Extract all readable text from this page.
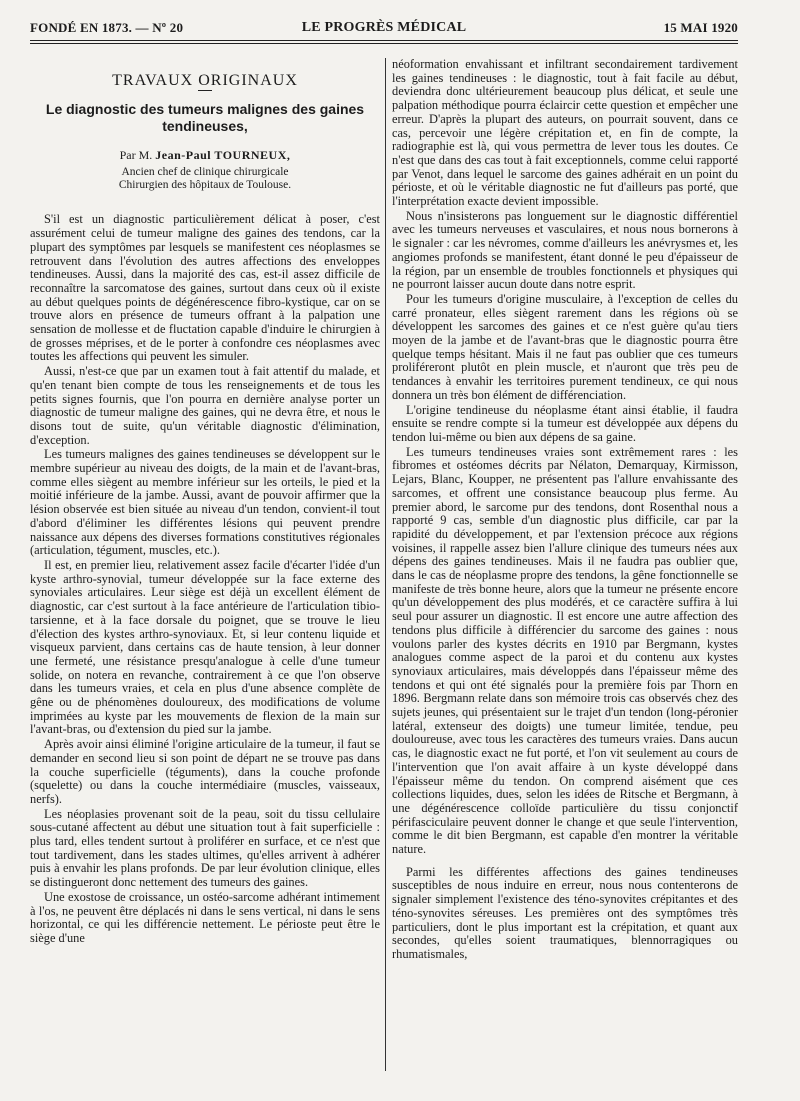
FONDÉ EN 1873. — Nº 20	LE PROGRÈS MÉDICAL	15 MAI 1920
TRAVAUX ORIGINAUX
Le diagnostic des tumeurs malignes des gaines tendineuses,
Par M. Jean-Paul TOURNEUX,
Ancien chef de clinique chirurgicale
Chirurgien des hôpitaux de Toulouse.

S'il est un diagnostic particulièrement délicat à poser, c'est assurément celui de tumeur maligne des gaines des tendons, car la plupart des symptômes par lesquels se manifestent ces néoplasmes se retrouvent dans l'évolution des autres affections des enveloppes tendineuses. Aussi, dans la majorité des cas, est-il assez difficile de reconnaître la sarcomatose des gaines, surtout dans ceux où il existe au début quelques points de dégénérescence fibro-kystique, car on se trouve alors en présence de tumeurs offrant à la palpation une sensation de mollesse et de fluctation capable d'induire le chirurgien à de grosses méprises, et de le porter à confondre ces néoplasmes avec toutes les affections qui peuvent les simuler.

Aussi, n'est-ce que par un examen tout à fait attentif du malade, et qu'en tenant bien compte de tous les renseignements et de tous les petits signes fournis, que l'on pourra en dernière analyse porter un diagnostic de tumeur maligne des gaines, qui ne devra être, et nous le disons tout de suite, qu'un véritable diagnostic d'élimination, d'exception.

Les tumeurs malignes des gaines tendineuses se développent sur le membre supérieur au niveau des doigts, de la main et de l'avant-bras, comme elles siègent au membre inférieur sur les orteils, le pied et la moitié inférieure de la jambe. Aussi, avant de pouvoir affirmer que la lésion observée est bien située au niveau d'un tendon, convient-il tout d'abord d'éliminer les différentes lésions qui peuvent prendre naissance aux dépens des diverses formations constitutives régionales (articulation, tégument, muscles, etc.).

Il est, en premier lieu, relativement assez facile d'écarter l'idée d'un kyste arthro-synovial, tumeur développée sur la face externe des synoviales articulaires. Leur siège est déjà un excellent élément de diagnostic, car c'est surtout à la face antérieure de l'articulation tibio-tarsienne, et à la face dorsale du poignet, que se trouve le lieu d'élection des kystes arthro-synoviaux. Et, si leur contenu liquide et visqueux parvient, dans certains cas de haute tension, à leur donner une fermeté, une résistance presqu'analogue à celle d'une tumeur solide, on notera en revanche, contrairement à ce que l'on observe dans les tumeurs vraies, et cela en plus d'une absence complète de gêne ou de phénomènes douloureux, des modifications de volume imprimées au kyste par les mouvements de flexion de la main sur l'avant-bras, ou d'extension du pied sur la jambe.

Après avoir ainsi éliminé l'origine articulaire de la tumeur, il faut se demander en second lieu si son point de départ ne se trouve pas dans la couche superficielle (téguments), dans la couche profonde (squelette) ou dans la couche intermédiaire (muscles, vaisseaux, nerfs).

Les néoplasies provenant soit de la peau, soit du tissu cellulaire sous-cutané affectent au début une situation tout à fait superficielle : plus tard, elles tendent surtout à proliférer en surface, et ce n'est que tout tardivement, dans les stades ultimes, qu'elles arrivent à adhérer puis à envahir les plans profonds. De par leur évolution clinique, elles se distingueront donc nettement des tumeurs des gaines.

Une exostose de croissance, un ostéo-sarcome adhérant intimement à l'os, ne peuvent être déplacés ni dans le sens vertical, ni dans le sens horizontal, ce qui les différencie nettement. Le périoste peut être le siège d'une

néoformation envahissant et infiltrant secondairement tardivement les gaines tendineuses : le diagnostic, tout à fait facile au début, deviendra donc ultérieurement beaucoup plus délicat, et seule une palpation méthodique pourra éclaircir cette question et empêcher une erreur. D'après la plupart des auteurs, on pourrait souvent, dans ce cas, percevoir une légère crépitation et, en fin de compte, la radiographie est là, qui vous permettra de lever tous les doutes. Ce n'est que dans des cas tout à fait exceptionnels, comme celui rapporté par Venot, dans lequel le sarcome des gaines adhérait en un point du périoste, et où le véritable diagnostic ne fut d'ailleurs pas porté, que l'interprétation exacte devient impossible.

Nous n'insisterons pas longuement sur le diagnostic différentiel avec les tumeurs nerveuses et vasculaires, et nous nous bornerons à le signaler : car les névromes, comme d'ailleurs les anévrysmes et, les angiomes profonds se manifestent, étant donné le peu d'épaisseur de la région, par un ensemble de troubles fonctionnels et physiques qui ne pourront laisser aucun doute dans notre esprit.

Pour les tumeurs d'origine musculaire, à l'exception de celles du carré pronateur, elles siègent rarement dans les régions où se développent les sarcomes des gaines et ce n'est guère qu'au tiers moyen de la jambe et de l'avant-bras que le diagnostic pourra être quelque temps hésitant. Mais il ne faut pas oublier que ces tumeurs proliféreront plutôt en plein muscle, et n'auront que très peu de tendances à envahir les territoires purement tendineux, ce qui nous donnera un très bon élément de différenciation.

L'origine tendineuse du néoplasme étant ainsi établie, il faudra ensuite se rendre compte si la tumeur est développée aux dépens du tendon lui-même ou bien aux dépens de sa gaine.

Les tumeurs tendineuses vraies sont extrêmement rares : les fibromes et ostéomes décrits par Nélaton, Demarquay, Kirmisson, Lejars, Blanc, Koupper, ne présentent pas l'allure envahissante des sarcomes, et offrent une consistance beaucoup plus ferme. Au premier abord, le sarcome pur des tendons, dont Rosenthal nous a rapporté 9 cas, semble d'un diagnostic plus difficile, car par la rapidité du développement, et par l'extension précoce aux régions voisines, il rappelle assez bien l'allure clinique des tumeurs nées aux dépens des gaines tendineuses. Mais il ne faudra pas oublier que, dans le cas de néoplasme propre des tendons, la gêne fonctionnelle se manifeste de très bonne heure, alors que la tumeur ne présente encore qu'un développement des plus modérés, et ce caractère suffira à lui seul pour assurer un diagnostic. Il est encore une autre affection des tendons plus difficile à différencier du sarcome des gaines : nous voulons parler des kystes décrits en 1910 par Bergmann, kystes analogues comme aspect de la paroi et du contenu aux kystes synoviaux articulaires, mais développés dans l'épaisseur même des tendons et qui ont été signalés pour la première fois par Thorn en 1896. Bergmann relate dans son mémoire trois cas observés chez des sujets jeunes, qui présentaient sur le trajet d'un tendon (long-péronier latéral, extenseur des doigts) une tumeur limitée, tendue, peu douloureuse, avec tous les caractères des tumeurs vraies. Dans aucun cas, le diagnostic exact ne fut porté, et l'on vit seulement au cours de l'intervention que l'on avait affaire à un kyste développé dans l'épaisseur même du tendon. On comprend aisément que ces collections liquides, dues, selon les idées de Ritsche et Bergmann, à une dégénérescence colloïde particulière du tissu conjonctif périfasciculaire peuvent donner le change et que seule l'intervention, comme le dit bien Bergmann, est capable d'en montrer la véritable nature.

Parmi les différentes affections des gaines tendineuses susceptibles de nous induire en erreur, nous nous contenterons de signaler simplement l'existence des téno-synovites crépitantes et des téno-synovites séreuses. Les premières ont des symptômes très particuliers, dont le plus important est la crépitation, et quant aux secondes, qu'elles soient traumatiques, blennorragiques ou rhumatismales,
